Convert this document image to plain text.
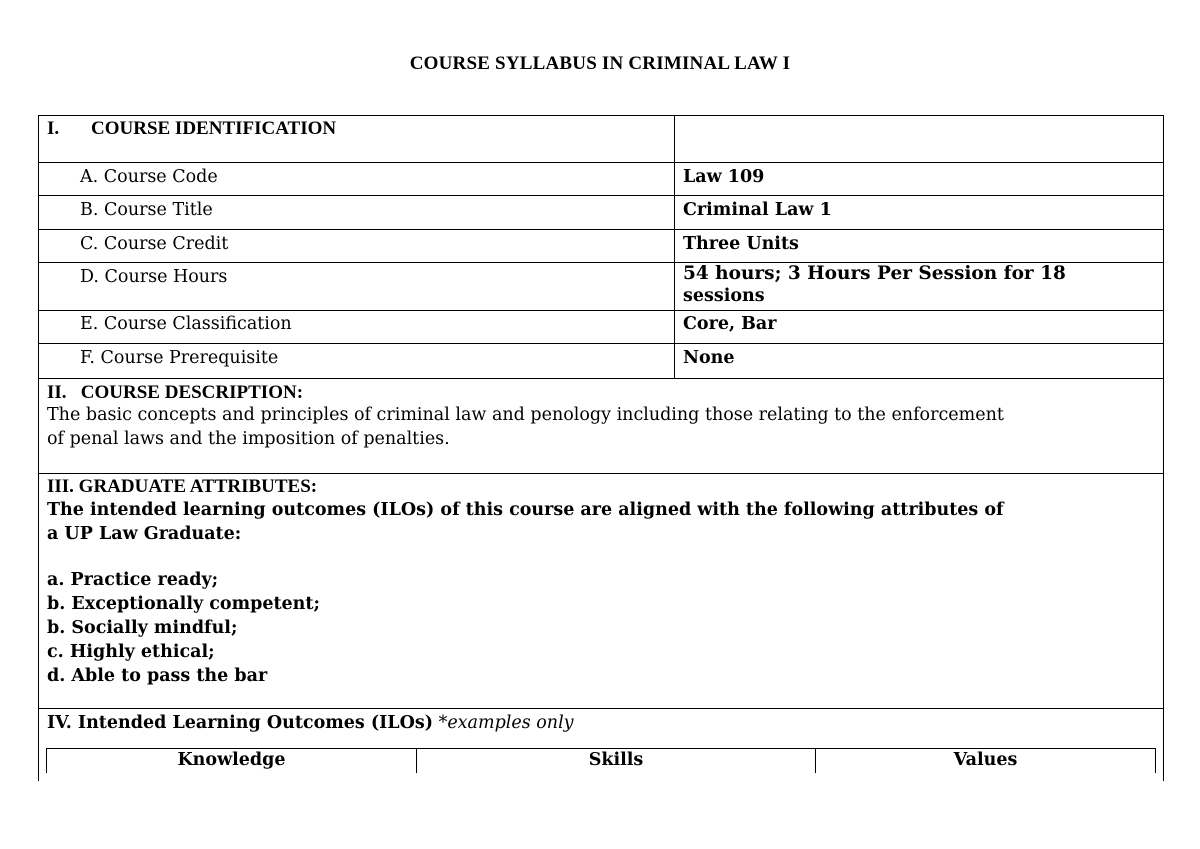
COURSE SYLLABUS IN CRIMINAL LAW I
I. COURSE IDENTIFICATION
A. Course Code	Law 109
B. Course Title	Criminal Law 1
C. Course Credit	Three Units
D. Course Hours	54 hours; 3 Hours Per Session for 18
sessions
E. Course Classification	Core, Bar
F. Course Prerequisite	None
II.   COURSE DESCRIPTION:
The basic concepts and principles of criminal law and penology including those relating to the enforcement
of penal laws and the imposition of penalties.
III. GRADUATE ATTRIBUTES:
The intended learning outcomes (ILOs) of this course are aligned with the following attributes of
a UP Law Graduate:
a. Practice ready;
b. Exceptionally competent;
b. Socially mindful;
c. Highly ethical;
d. Able to pass the bar
IV. Intended Learning Outcomes (ILOs) *examples only
Knowledge	Skills	Values
